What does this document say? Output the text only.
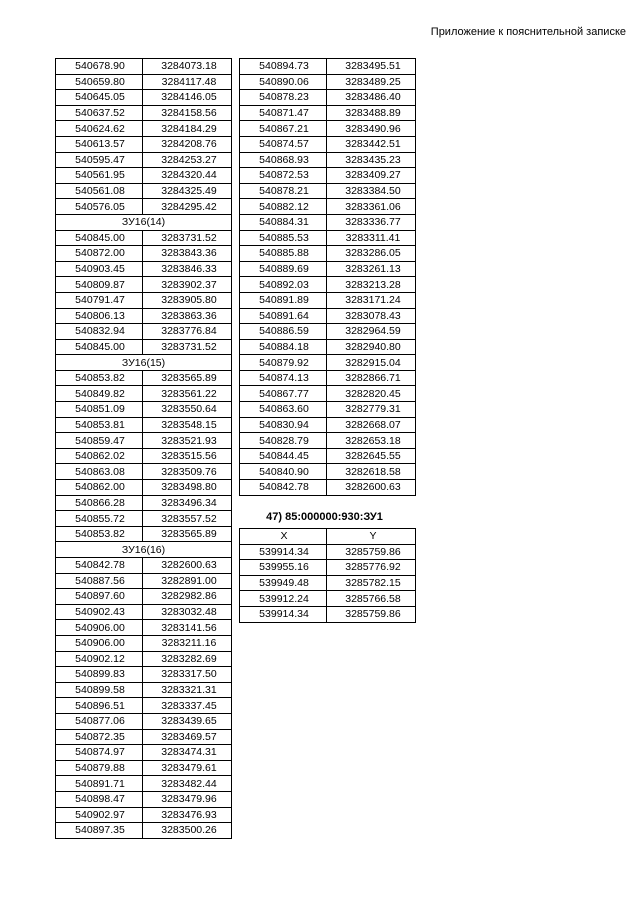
Приложение к пояснительной записке
540678.90	3284073.18
540659.80	3284117.48
540645.05	3284146.05
540637.52	3284158.56
540624.62	3284184.29
540613.57	3284208.76
540595.47	3284253.27
540561.95	3284320.44
540561.08	3284325.49
540576.05	3284295.42
ЗУ16(14)	
540845.00	3283731.52
540872.00	3283843.36
540903.45	3283846.33
540809.87	3283902.37
540791.47	3283905.80
540806.13	3283863.36
540832.94	3283776.84
540845.00	3283731.52
ЗУ16(15)	
540853.82	3283565.89
540849.82	3283561.22
540851.09	3283550.64
540853.81	3283548.15
540859.47	3283521.93
540862.02	3283515.56
540863.08	3283509.76
540862.00	3283498.80
540866.28	3283496.34
540855.72	3283557.52
540853.82	3283565.89
ЗУ16(16)	
540842.78	3282600.63
540887.56	3282891.00
540897.60	3282982.86
540902.43	3283032.48
540906.00	3283141.56
540906.00	3283211.16
540902.12	3283282.69
540899.83	3283317.50
540899.58	3283321.31
540896.51	3283337.45
540877.06	3283439.65
540872.35	3283469.57
540874.97	3283474.31
540879.88	3283479.61
540891.71	3283482.44
540898.47	3283479.96
540902.97	3283476.93
540897.35	3283500.26
540894.73	3283495.51
540890.06	3283489.25
540878.23	3283486.40
540871.47	3283488.89
540867.21	3283490.96
540874.57	3283442.51
540868.93	3283435.23
540872.53	3283409.27
540878.21	3283384.50
540882.12	3283361.06
540884.31	3283336.77
540885.53	3283311.41
540885.88	3283286.05
540889.69	3283261.13
540892.03	3283213.28
540891.89	3283171.24
540891.64	3283078.43
540886.59	3282964.59
540884.18	3282940.80
540879.92	3282915.04
540874.13	3282866.71
540867.77	3282820.45
540863.60	3282779.31
540830.94	3282668.07
540828.79	3282653.18
540844.45	3282645.55
540840.90	3282618.58
540842.78	3282600.63
47) 85:000000:930:ЗУ1
X	Y
539914.34	3285759.86
539955.16	3285776.92
539949.48	3285782.15
539912.24	3285766.58
539914.34	3285759.86
